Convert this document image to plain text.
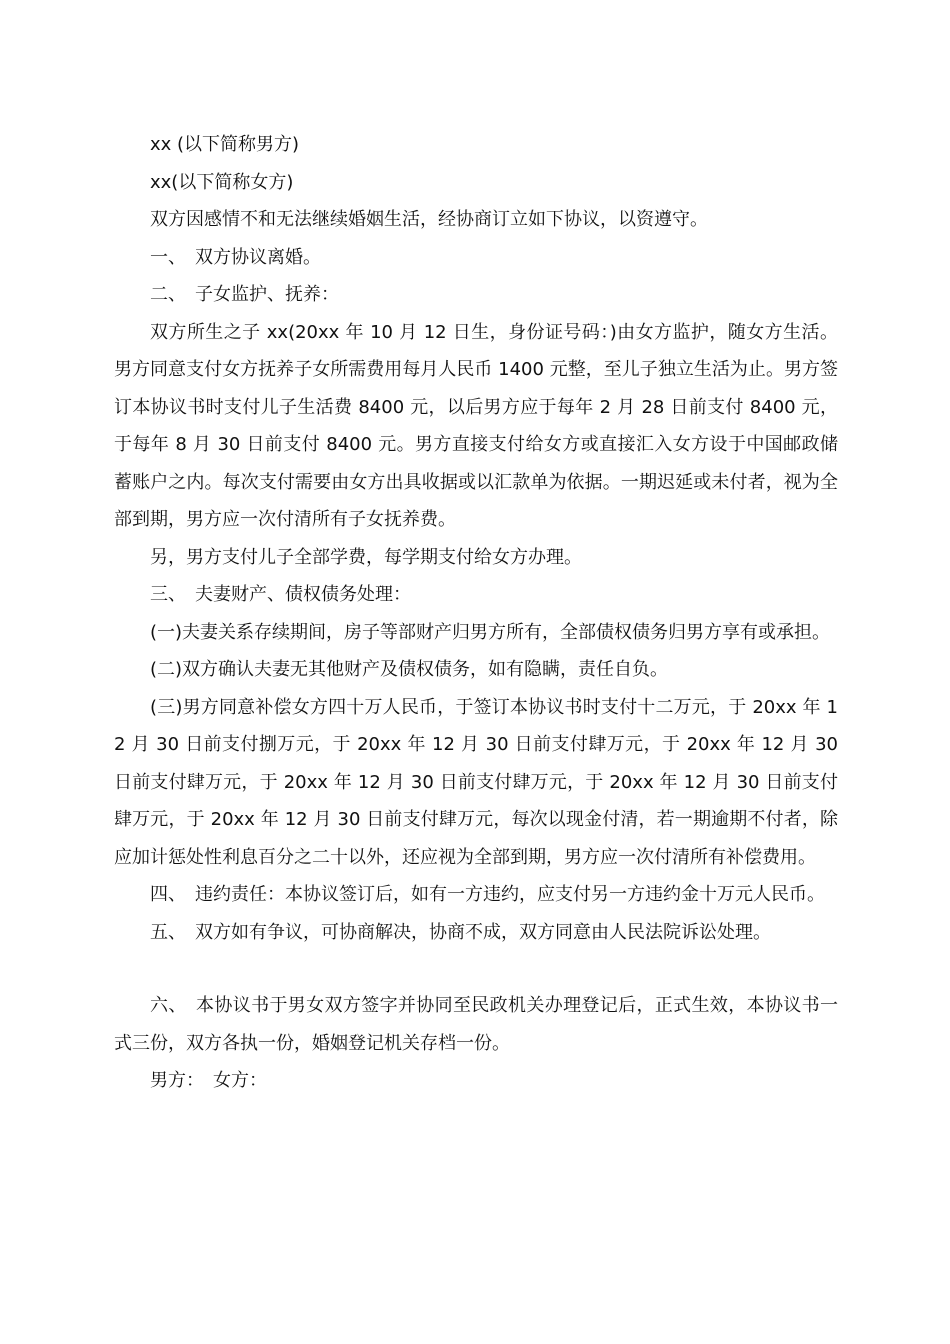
xx (以下简称男方)

xx(以下简称女方)

双方因感情不和无法继续婚姻生活，经协商订立如下协议，以资遵守。

一、　双方协议离婚。

二、　子女监护、抚养：

双方所生之子 xx(20xx 年 10 月 12 日生，身份证号码：)由女方监护，随女方生活。男方同意支付女方抚养子女所需费用每月人民币 1400 元整，至儿子独立生活为止。男方签订本协议书时支付儿子生活费 8400 元，以后男方应于每年 2 月 28 日前支付 8400 元，于每年 8 月 30 日前支付 8400 元。男方直接支付给女方或直接汇入女方设于中国邮政储蓄账户之内。每次支付需要由女方出具收据或以汇款单为依据。一期迟延或未付者，视为全部到期，男方应一次付清所有子女抚养费。

另，男方支付儿子全部学费，每学期支付给女方办理。

三、　夫妻财产、债权债务处理：

(一)夫妻关系存续期间，房子等部财产归男方所有，全部债权债务归男方享有或承担。

(二)双方确认夫妻无其他财产及债权债务，如有隐瞒，责任自负。

(三)男方同意补偿女方四十万人民币，于签订本协议书时支付十二万元，于 20xx 年 12 月 30 日前支付捌万元，于 20xx 年 12 月 30 日前支付肆万元，于 20xx 年 12 月 30 日前支付肆万元，于 20xx 年 12 月 30 日前支付肆万元，于 20xx 年 12 月 30 日前支付肆万元，于 20xx 年 12 月 30 日前支付肆万元，每次以现金付清，若一期逾期不付者，除应加计惩处性利息百分之二十以外，还应视为全部到期，男方应一次付清所有补偿费用。

四、　违约责任：本协议签订后，如有一方违约，应支付另一方违约金十万元人民币。

五、　双方如有争议，可协商解决，协商不成，双方同意由人民法院诉讼处理。

六、　本协议书于男女双方签字并协同至民政机关办理登记后，正式生效，本协议书一式三份，双方各执一份，婚姻登记机关存档一份。

男方：　女方：
